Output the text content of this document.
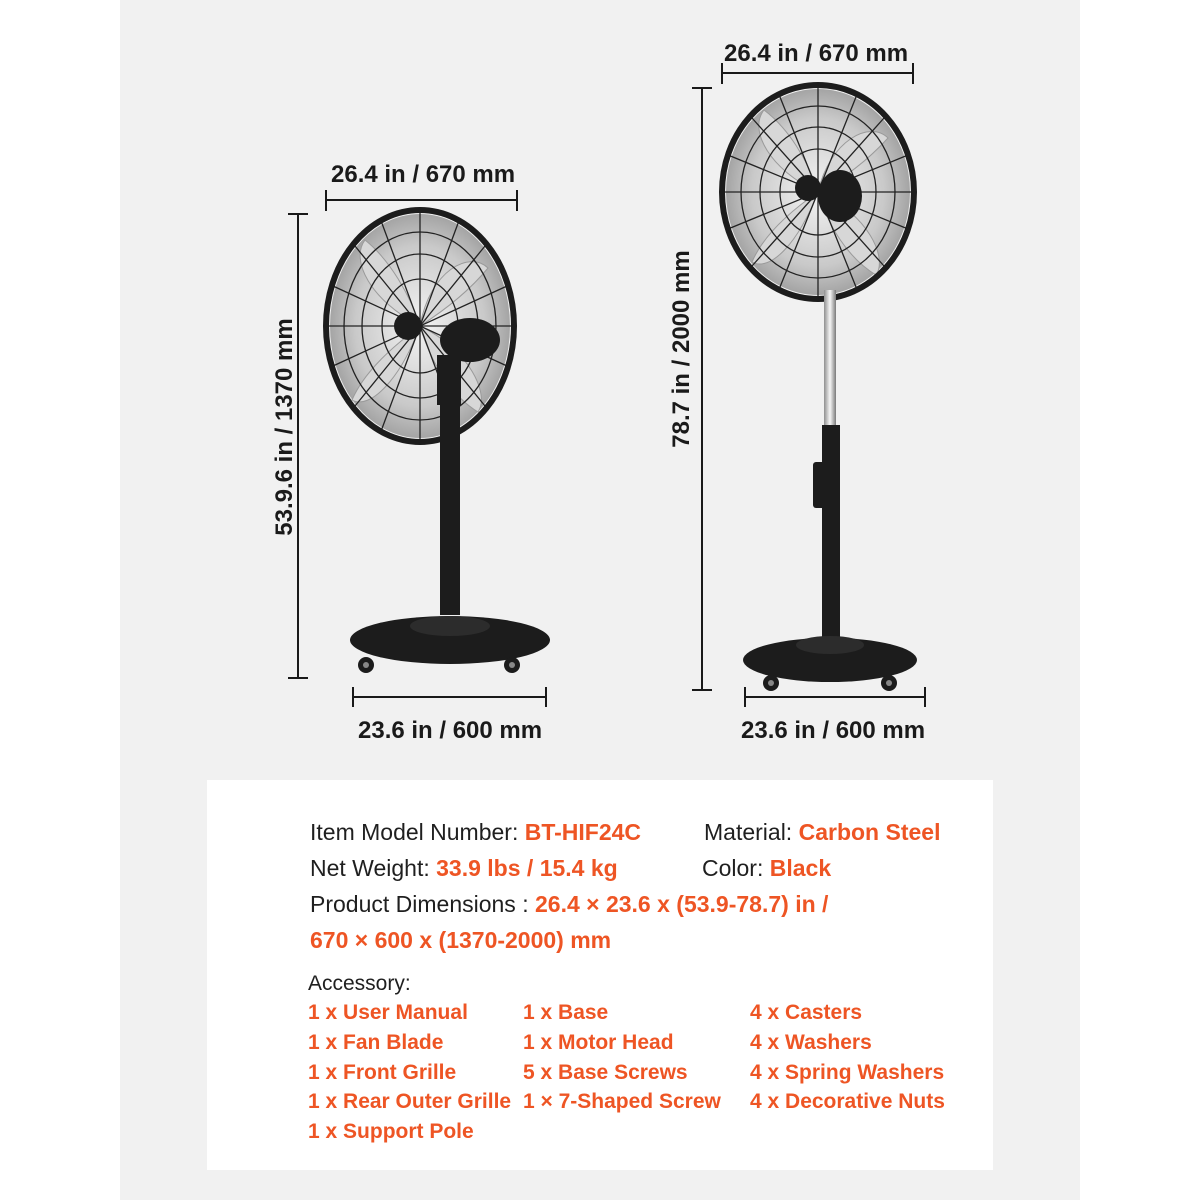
26.4 in / 670 mm
53.9.6 in / 1370 mm
23.6 in / 600 mm
26.4 in / 670 mm
78.7 in / 2000 mm
23.6 in / 600 mm
Item Model Number: BT-HIF24C	Material: Carbon Steel
Net Weight: 33.9 lbs / 15.4 kg	Color: Black
Product Dimensions : 26.4 × 23.6 x (53.9-78.7) in /
670 × 600 x (1370-2000) mm
Accessory:
1 x User Manual
1 x Fan Blade
1 x Front Grille
1 x Rear Outer Grille
1 x Support Pole
1 x Base
1 x Motor Head
5 x Base Screws
1 × 7-Shaped Screw
4 x Casters
4 x Washers
4 x Spring Washers
4 x Decorative Nuts
